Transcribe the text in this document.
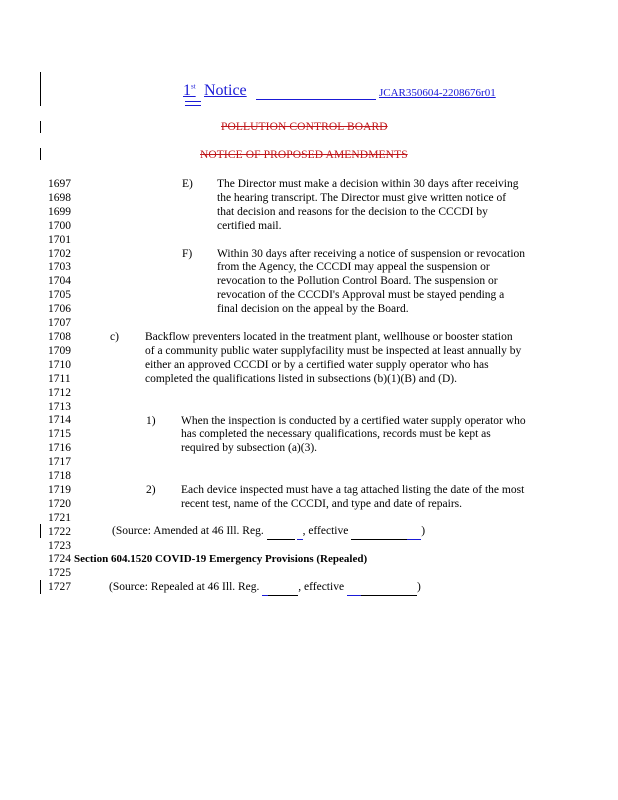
1st Notice	JCAR350604-2208676r01
POLLUTION CONTROL BOARD
NOTICE OF PROPOSED AMENDMENTS
1697
1698
1699
1700
1701
1702
1703
1704
1705
1706
1707
1708
1709
1710
1711
1712
1713
1714
1715
1716
1717
1718
1719
1720
1721
1722
1723
1724
1725
1727
E) The Director must make a decision within 30 days after receiving
the hearing transcript. The Director must give written notice of
that decision and reasons for the decision to the CCCDI by
certified mail.
F) Within 30 days after receiving a notice of suspension or revocation
from the Agency, the CCCDI may appeal the suspension or
revocation to the Pollution Control Board. The suspension or
revocation of the CCCDI's Approval must be stayed pending a
final decision on the appeal by the Board.
c) Backflow preventers located in the treatment plant, wellhouse or booster station
of a community public water supplyfacility must be inspected at least annually by
either an approved CCCDI or by a certified water supply operator who has
completed the qualifications listed in subsections (b)(1)(B) and (D).
1) When the inspection is conducted by a certified water supply operator who
has completed the necessary qualifications, records must be kept as
required by subsection (a)(3).
2) Each device inspected must have a tag attached listing the date of the most
recent test, name of the CCCDI, and type and date of repairs.
(Source: Amended at 46 Ill. Reg.	, effective	)
Section 604.1520 COVID-19 Emergency Provisions (Repealed)
(Source: Repealed at 46 Ill. Reg.	, effective	)
